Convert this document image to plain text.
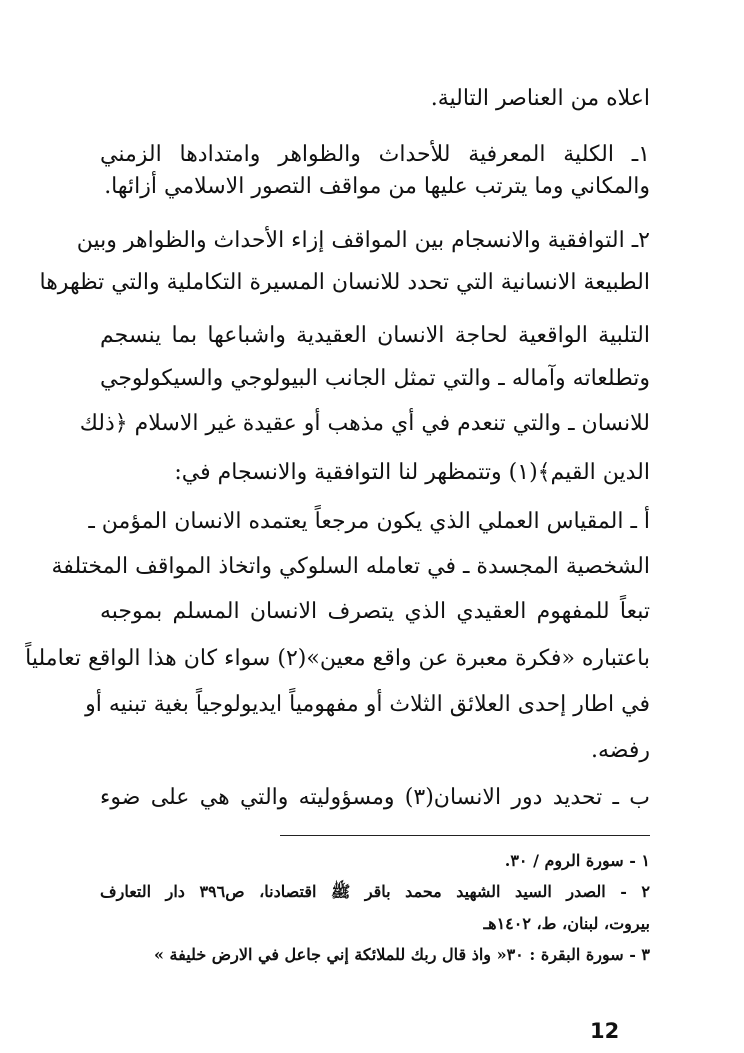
اعلاه من العناصر التالية.
١ـ الكلية المعرفية للأحداث والظواهر وامتدادها الزمني
والمكاني وما يترتب عليها من مواقف التصور الاسلامي أزائها.
٢ـ التوافقية والانسجام بين المواقف إزاء الأحداث والظواهر وبين
الطبيعة الانسانية التي تحدد للانسان المسيرة التكاملية والتي تظهرها
التلبية الواقعية لحاجة الانسان العقيدية واشباعها بما ينسجم
وتطلعاته وآماله ـ والتي تمثل الجانب البيولوجي والسيكولوجي
للانسان ـ والتي تنعدم في أي مذهب أو عقيدة غير الاسلام ﴿ذلك
الدين القيم﴾(١) وتتمظهر لنا التوافقية والانسجام في:
أ ـ المقياس العملي الذي يكون مرجعاً يعتمده الانسان المؤمن ـ
الشخصية المجسدة ـ في تعامله السلوكي واتخاذ المواقف المختلفة
تبعاً للمفهوم العقيدي الذي يتصرف الانسان المسلم بموجبه
باعتباره «فكرة معبرة عن واقع معين»(٢) سواء كان هذا الواقع تعاملياً
في اطار إحدى العلائق الثلاث أو مفهومياً ايديولوجياً بغية تبنيه أو
رفضه.
ب ـ تحديد دور الانسان(٣) ومسؤوليته والتي هي على ضوء
١ - سورة الروم / ٣٠.
٢ - الصدر السيد الشهيد محمد باقر ﷺ اقتصادنا، ص٣٩٦ دار التعارف
بيروت، لبنان، ط، ١٤٠٢هـ
٣ - سورة البقرة : ٣٠« واذ قال ربك للملائكة إني جاعل في الارض خليفة »
12
